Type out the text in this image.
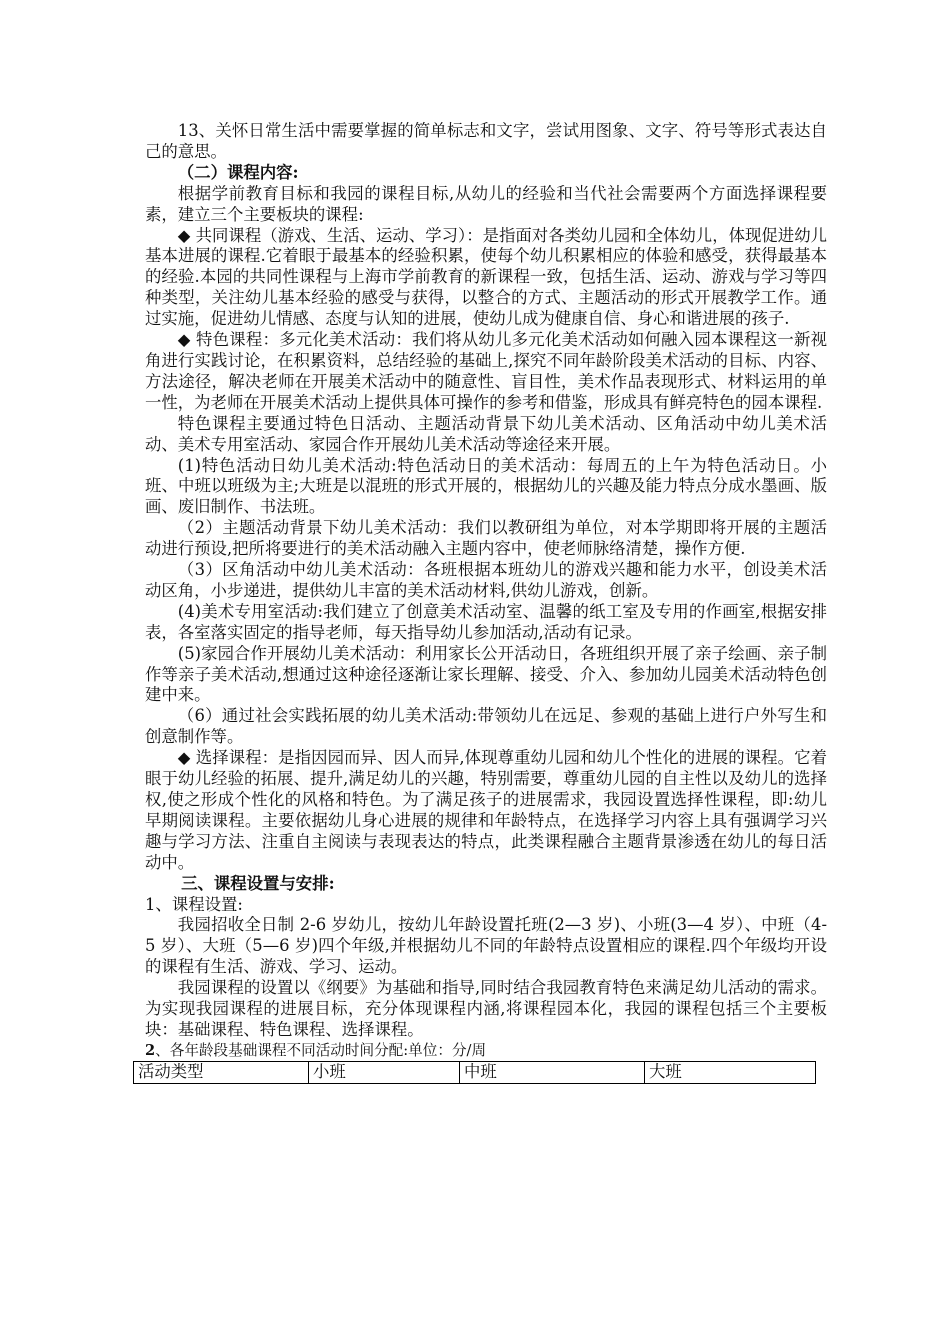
13、关怀日常生活中需要掌握的简单标志和文字，尝试用图象、文字、符号等形式表达自己的意思。

（二）课程内容:

根据学前教育目标和我园的课程目标,从幼儿的经验和当代社会需要两个方面选择课程要素，建立三个主要板块的课程:

◆ 共同课程（游戏、生活、运动、学习）：是指面对各类幼儿园和全体幼儿，体现促进幼儿基本进展的课程.它着眼于最基本的经验积累，使每个幼儿积累相应的体验和感受，获得最基本的经验.本园的共同性课程与上海市学前教育的新课程一致，包括生活、运动、游戏与学习等四种类型，关注幼儿基本经验的感受与获得，以整合的方式、主题活动的形式开展教学工作。通过实施，促进幼儿情感、态度与认知的进展，使幼儿成为健康自信、身心和谐进展的孩子.

◆ 特色课程：多元化美术活动：我们将从幼儿多元化美术活动如何融入园本课程这一新视角进行实践讨论，在积累资料，总结经验的基础上,探究不同年龄阶段美术活动的目标、内容、方法途径，解决老师在开展美术活动中的随意性、盲目性，美术作品表现形式、材料运用的单一性，为老师在开展美术活动上提供具体可操作的参考和借鉴，形成具有鲜亮特色的园本课程.

特色课程主要通过特色日活动、主题活动背景下幼儿美术活动、区角活动中幼儿美术活动、美术专用室活动、家园合作开展幼儿美术活动等途径来开展。

(1)特色活动日幼儿美术活动:特色活动日的美术活动：每周五的上午为特色活动日。小班、中班以班级为主;大班是以混班的形式开展的，根据幼儿的兴趣及能力特点分成水墨画、版画、废旧制作、书法班。

（2）主题活动背景下幼儿美术活动：我们以教研组为单位，对本学期即将开展的主题活动进行预设,把所将要进行的美术活动融入主题内容中，使老师脉络清楚，操作方便.

（3）区角活动中幼儿美术活动：各班根据本班幼儿的游戏兴趣和能力水平，创设美术活动区角，小步递进，提供幼儿丰富的美术活动材料,供幼儿游戏，创新。

(4)美术专用室活动:我们建立了创意美术活动室、温馨的纸工室及专用的作画室,根据安排表，各室落实固定的指导老师，每天指导幼儿参加活动,活动有记录。

(5)家园合作开展幼儿美术活动：利用家长公开活动日，各班组织开展了亲子绘画、亲子制作等亲子美术活动,想通过这种途径逐渐让家长理解、接受、介入、参加幼儿园美术活动特色创建中来。

（6）通过社会实践拓展的幼儿美术活动:带领幼儿在远足、参观的基础上进行户外写生和创意制作等。

◆ 选择课程：是指因园而异、因人而异,体现尊重幼儿园和幼儿个性化的进展的课程。它着眼于幼儿经验的拓展、提升,满足幼儿的兴趣，特别需要，尊重幼儿园的自主性以及幼儿的选择权,使之形成个性化的风格和特色。为了满足孩子的进展需求，我园设置选择性课程，即:幼儿早期阅读课程。主要依据幼儿身心进展的规律和年龄特点，在选择学习内容上具有强调学习兴趣与学习方法、注重自主阅读与表现表达的特点，此类课程融合主题背景渗透在幼儿的每日活动中。

三、课程设置与安排:

1、课程设置:

我园招收全日制 2-6 岁幼儿，按幼儿年龄设置托班(2—3 岁)、小班(3—4 岁）、中班（4-5 岁）、大班（5—6 岁)四个年级,并根据幼儿不同的年龄特点设置相应的课程.四个年级均开设的课程有生活、游戏、学习、运动。

我园课程的设置以《纲要》为基础和指导,同时结合我园教育特色来满足幼儿活动的需求。为实现我园课程的进展目标，充分体现课程内涵,将课程园本化，我园的课程包括三个主要板块：基础课程、特色课程、选择课程。

2、各年龄段基础课程不同活动时间分配:单位：分/周

活动类型	小班	中班	大班
